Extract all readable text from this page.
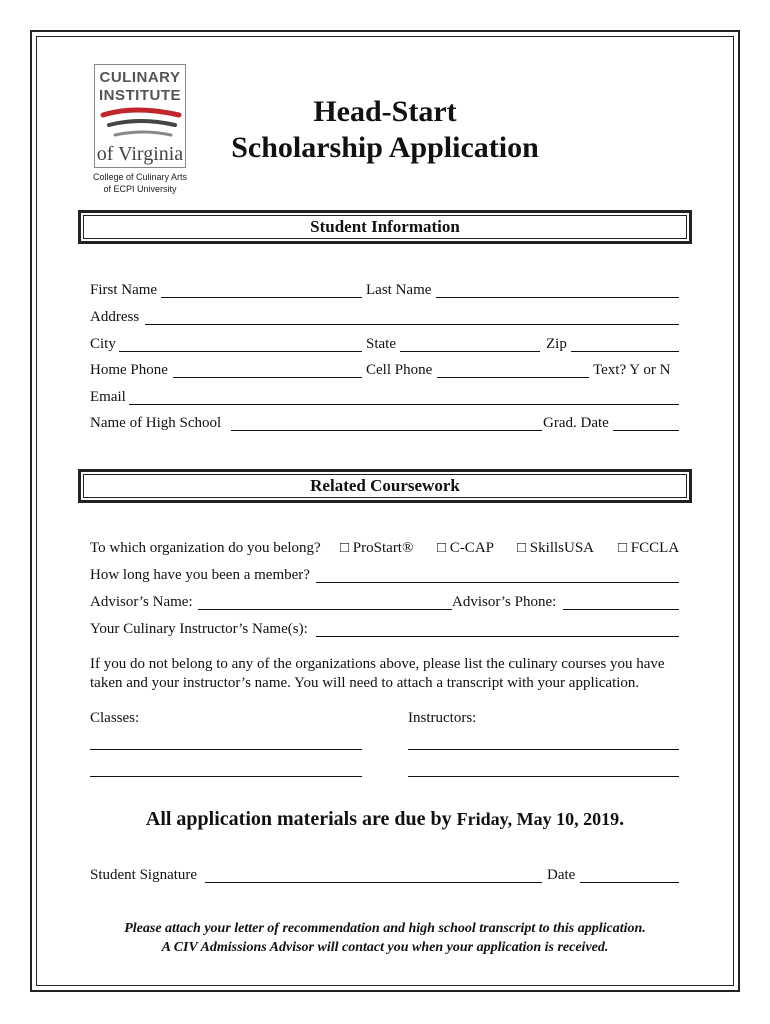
CULINARY
INSTITUTE
of Virginia
College of Culinary Arts
of ECPI University
Head-Start
Scholarship Application
Student Information
First Name	Last Name
Address
City	State	Zip
Home Phone	Cell Phone	Text? Y or N
Email
Name of High School	Grad. Date
Related Coursework
To which organization do you belong? □ ProStart® □ C-CAP □ SkillsUSA □ FCCLA
How long have you been a member?
Advisor’s Name:	Advisor’s Phone:
Your Culinary Instructor’s Name(s):
If you do not belong to any of the organizations above, please list the culinary courses you have taken and your instructor’s name. You will need to attach a transcript with your application.
Classes:	Instructors:
All application materials are due by Friday, May 10, 2019.
Student Signature	Date
Please attach your letter of recommendation and high school transcript to this application.
A CIV Admissions Advisor will contact you when your application is received.
